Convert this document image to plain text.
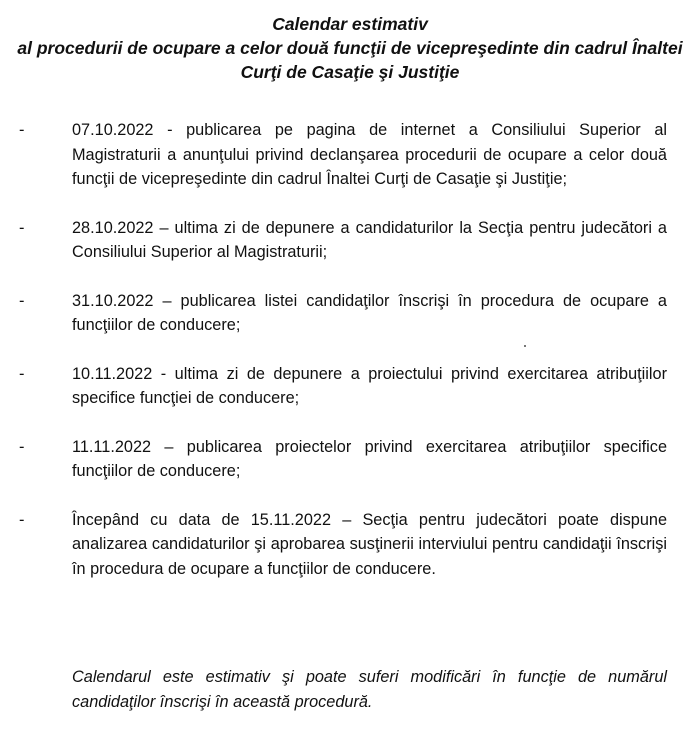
Calendar estimativ
al procedurii de ocupare a celor două funcţii de vicepreşedinte din cadrul Înaltei
Curţi de Casaţie şi Justiţie
-	07.10.2022 - publicarea pe pagina de internet a Consiliului Superior al Magistraturii a anunţului privind declanşarea procedurii de ocupare a celor două funcţii de vicepreşedinte din cadrul Înaltei Curţi de Casaţie şi Justiţie;
-	28.10.2022 – ultima zi de depunere a candidaturilor la Secţia pentru judecători a Consiliului Superior al Magistraturii;
-	31.10.2022 – publicarea listei candidaţilor înscrişi în procedura de ocupare a funcţiilor de conducere;
-	10.11.2022 - ultima zi de depunere a proiectului privind exercitarea atribuţiilor specifice funcţiei de conducere;
-	11.11.2022 – publicarea proiectelor privind exercitarea atribuţiilor specifice funcţiilor de conducere;
-	Începând cu data de 15.11.2022 – Secţia pentru judecători poate dispune analizarea candidaturilor şi aprobarea susţinerii interviului pentru candidaţii înscrişi în procedura de ocupare a funcţiilor de conducere.
Calendarul este estimativ şi poate suferi modificări în funcţie de numărul candidaţilor înscrişi în această procedură.
